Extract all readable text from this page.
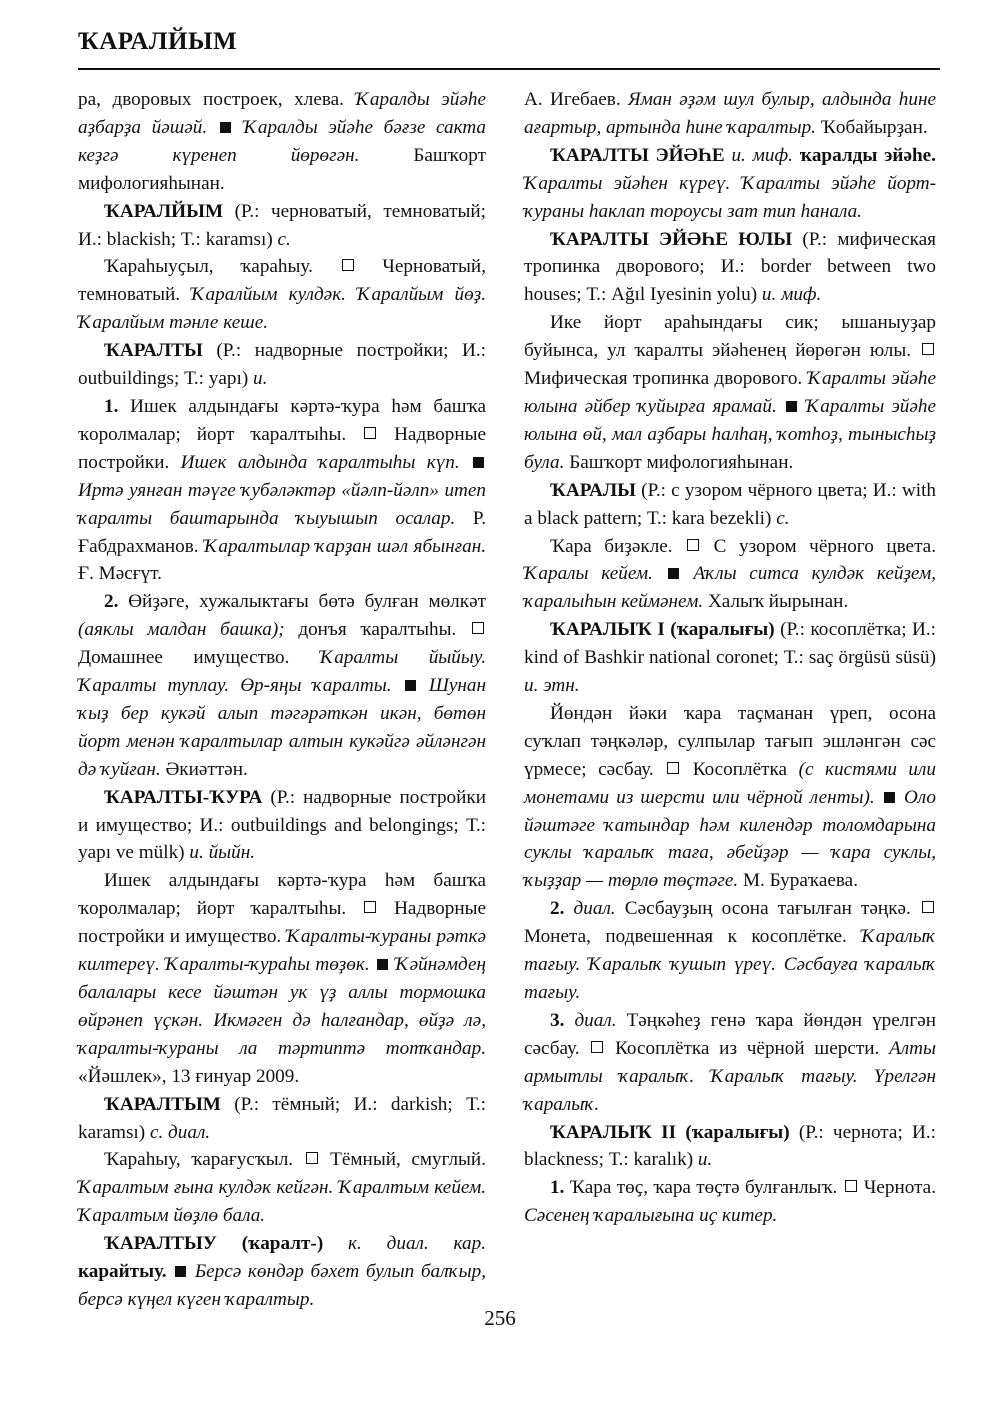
ҠАРАЛЙЫМ

ра, дворовых построек, хлева. Ҡаралды эйәһе аҙбарҙа йәшәй. Ҡаралды эйәһе бәғзе сакта кеҙгә күренеп йөрөгән. Башҡорт мифологияһынан.

ҠАРАЛЙЫМ (Р.: черноватый, темноватый; И.: blackish; Т.: karamsı) с.

Ҡараһыуҫыл, ҡараһыу.  Черноватый, темноватый. Ҡаралйым кулдәк. Ҡаралйым йөҙ. Ҡаралйым тәнле кеше.

ҠАРАЛТЫ (Р.: надворные постройки; И.: outbuildings; Т.: yapı) и.

1. Ишек алдындағы кәртә-ҡура һәм башҡа ҡоролмалар; йорт ҡаралтыһы.  Надворные постройки. Ишек алдында ҡаралтыһы күп.  Иртә уянған тәүге ҡубәләктәр «йәлп-йәлп» итеп ҡаралты баштарында ҡыуышып осалар. Р. Ғабдрахманов. Ҡаралтылар ҡарҙан шәл ябынған. Ғ. Мәсғүт.

2. Өйҙәге, хужалыктағы бөтә булған мөлкәт (аяклы малдан башка); донъя ҡаралтыһы.  Домашнее имущество. Ҡаралты йыйыу. Ҡаралты туплау. Өр-яңы ҡаралты. Шунан ҡыҙ бер кукәй алып тәгәрәткән икән, бөтөн йорт менән ҡаралтылар алтын кукәйгә әйләнгән дә ҡуйған. Әкиәттән.

ҠАРАЛТЫ-ҠУРА (Р.: надворные постройки и имущество; И.: outbuildings and belongings; Т.: yapı ve mülk) и. йыйн.

Ишек алдындағы кәртә-ҡура һәм башҡа ҡоролмалар; йорт ҡаралтыһы.  Надворные постройки и имущество. Ҡаралты-ҡураны рәткә килтереү. Ҡаралты-ҡураһы төҙөк. Ҡәйнәмдең балалары кесе йәштән ук үҙ аллы тормошка өйрәнеп үҫкән. Икмәген дә һалғандар, өйҙә лә, ҡаралты-ҡураны ла тәртиптә тотҡандар. «Йәшлек», 13 ғинуар 2009.

ҠАРАЛТЫМ (Р.: тёмный; И.: darkish; Т.: karamsı) с. диал.

Ҡараһыу, ҡарағусҡыл.  Тёмный, смуглый. Ҡаралтым ғына кулдәк кейгән. Ҡаралтым кейем. Ҡаралтым йөҙлө бала.

ҠАРАЛТЫУ (ҡаралт-) к. диал. кар. карайтыу. Берсә көндәр бәхет булып балҡыр, берсә күңел күген ҡаралтыр.

А. Игебаев. Яман әҙәм шул булыр, алдында һине ағартыр, артында һине ҡаралтыр. Ҡобайырҙан.

ҠАРАЛТЫ ЭЙӘҺЕ и. миф. ҡаралды эйәһе. Ҡаралты эйәһен күреү. Ҡаралты эйәһе йорт-ҡураны һаклап тороусы зат тип һанала.

ҠАРАЛТЫ ЭЙӘҺЕ ЮЛЫ (Р.: мифическая тропинка дворового; И.: border between two houses; Т.: Ağıl Iyesinin yolu) и. миф.

Ике йорт араһындағы сик; ышаныуҙар буйынса, ул ҡаралты эйәһенең йөрөгән юлы.  Мифическая тропинка дворового. Ҡаралты эйәһе юлына әйбер ҡуйырға ярамай. Ҡаралты эйәһе юлына өй, мал аҙбары һалһаң, ҡотһоҙ, тынысһыҙ була. Башҡорт мифологияһынан.

ҠАРАЛЫ (Р.: с узором чёрного цвета; И.: with a black pattern; Т.: kara bezekli) с.

Ҡара биҙәкле.  С узором чёрного цвета. Ҡаралы кейем. Аҡлы ситса кулдәк кейҙем, ҡаралыһын кеймәнем. Халыҡ йырынан.

ҠАРАЛЫҠ I (ҡаралығы) (Р.: косоплётка; И.: kind of Bashkir national coronet; Т.: saç örgüsü süsü) и. этн.

Йөндән йәки ҡара таҫманан үреп, осона суҡлап тәңкәләр, сулпылар тағып эшләнгән сәс үрмесе; сәсбау.  Косоплётка (с кистями или монетами из шерсти или чёрной ленты). Оло йәштәге ҡатындар һәм килендәр толомдарына суклы ҡаралыҡ таға, әбейҙәр — ҡара суклы, ҡыҙҙар — төрлө төҫтәге. М. Бураҡаева.

2. диал. Сәсбауҙың осона тағылған тәңкә.  Монета, подвешенная к косоплётке. Ҡаралыҡ тағыу. Ҡаралыҡ ҡушып үреү. Сәсбауға ҡаралыҡ тағыу.

3. диал. Тәңкәһеҙ генә ҡара йөндән үрелгән сәсбау.  Косоплётка из чёрной шерсти. Алты армытлы ҡаралыҡ. Ҡаралыҡ тағыу. Үрелгән ҡаралыҡ.

ҠАРАЛЫҠ II (ҡаралығы) (Р.: чернота; И.: blackness; Т.: karalık) и.

1. Ҡара төҫ, ҡара төҫтә булғанлыҡ.  Чернота. Сәсенең ҡаралығына иҫ китер.

256
